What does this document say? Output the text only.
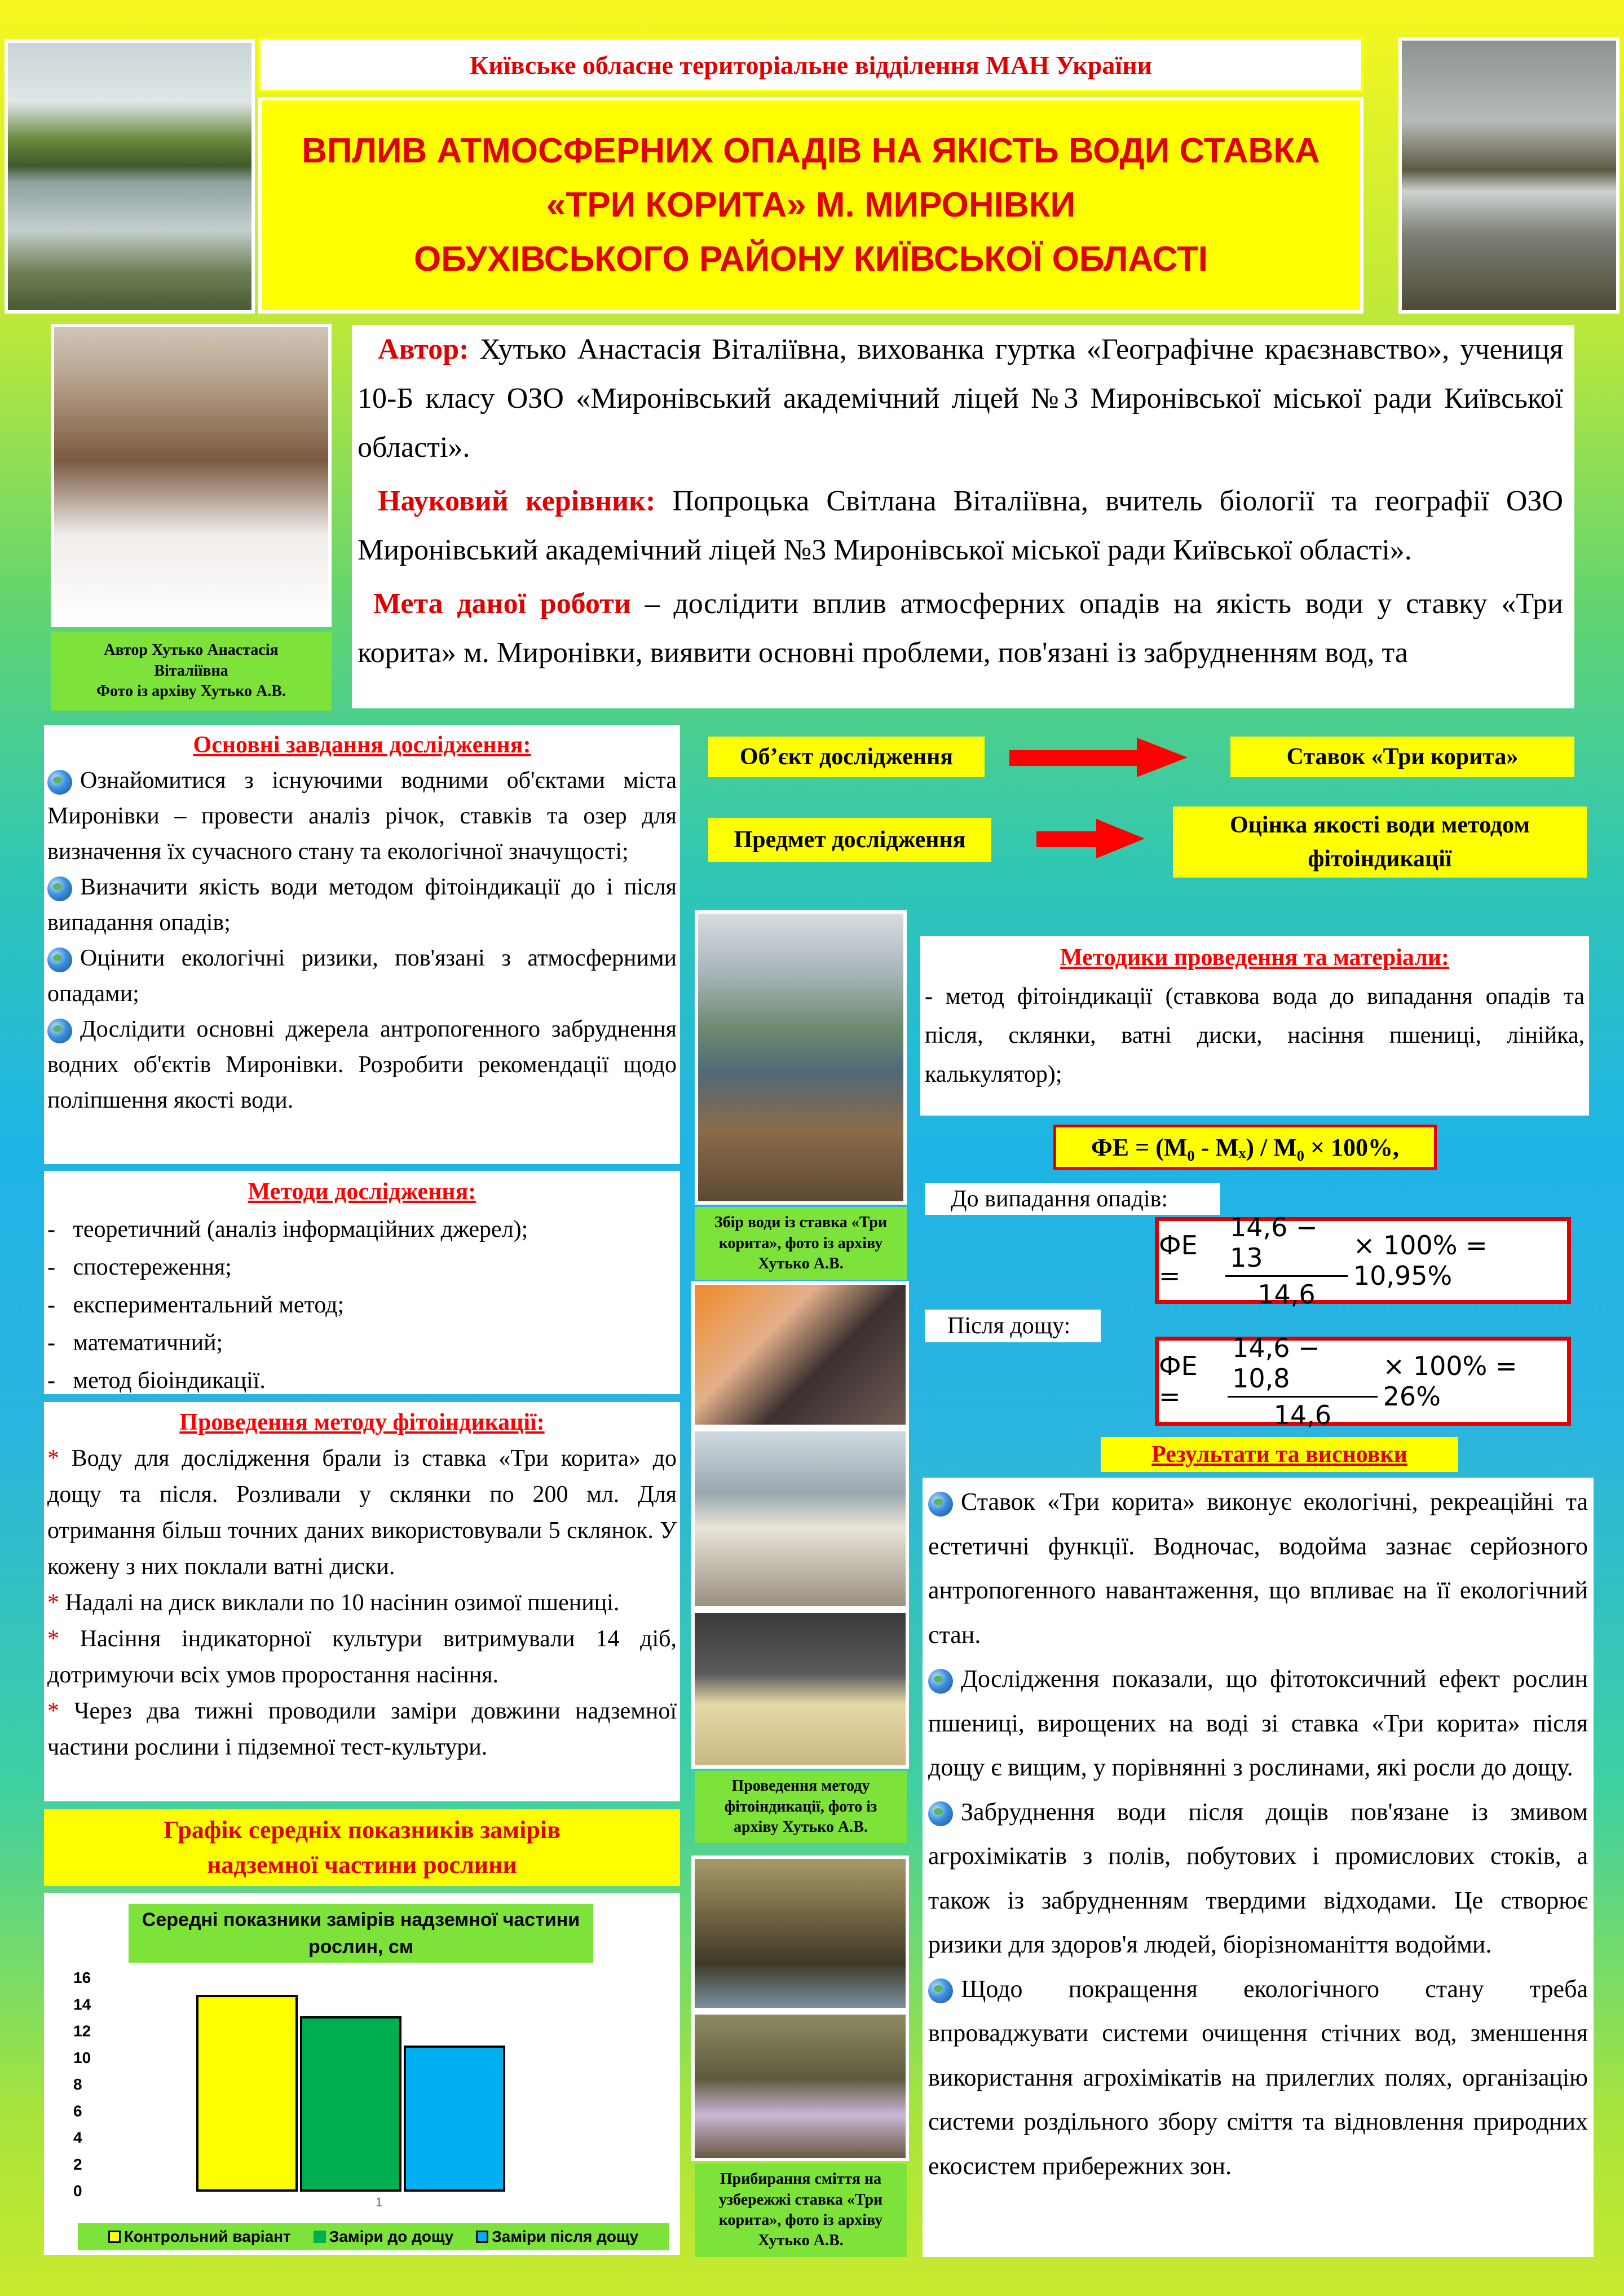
Київське обласне територіальне відділення МАН України
ВПЛИВ АТМОСФЕРНИХ ОПАДІВ НА ЯКІСТЬ ВОДИ СТАВКА
«ТРИ КОРИТА» М. МИРОНІВКИ
ОБУХІВСЬКОГО РАЙОНУ КИЇВСЬКОЇ ОБЛАСТІ
Автор Хутько Анастасія
Віталіївна
Фото із архіву Хутько А.В.

Автор: Хутько Анастасія Віталіївна, вихованка гуртка «Географічне краєзнавство», учениця 10-Б класу ОЗО «Миронівський академічний ліцей №3 Миронівської міської ради Київської області».

Науковий керівник: Попроцька Світлана Віталіївна, вчитель біології та географії ОЗО Миронівський академічний ліцей №3 Миронівської міської ради Київської області».

Мета даної роботи – дослідити вплив атмосферних опадів на якість води у ставку «Три корита» м. Миронівки, виявити основні проблеми, пов'язані із забрудненням вод, та

Основні завдання дослідження:

Ознайомитися з існуючими водними об'єктами міста Миронівки – провести аналіз річок, ставків та озер для визначення їх сучасного стану та екологічної значущості;

Визначити якість води методом фітоіндикації до і після випадання опадів;

Оцінити екологічні ризики, пов'язані з атмосферними опадами;

Дослідити основні джерела антропогенного забруднення водних об'єктів Миронівки. Розробити рекомендації щодо поліпшення якості води.

Методи дослідження:
-   теоретичний (аналіз інформаційних джерел);
-   спостереження;
-   експериментальний метод;
-   математичний;
-   метод біоіндикації.
Проведення методу фітоіндикації:

* Воду для дослідження брали із ставка «Три корита» до дощу та після. Розливали у склянки по 200 мл. Для отримання більш точних даних використовували 5 склянок. У кожену з них поклали ватні диски.

* Надалі на диск виклали по 10 насінин озимої пшениці.

* Насіння індикаторної культури витримували 14 діб, дотримуючи всіх умов проростання насіння.

* Через два тижні проводили заміри довжини надземної частини рослини і підземної тест-культури.

Графік середніх показників замірів
надземної частини рослини
Середні показники замірів надземної частини рослин, см
0
2
4
6
8
10
12
14
16
1
Контрольний варіант Заміри до дощу Заміри після дощу
Об’єкт дослідження	Ставок «Три корита»
Предмет дослідження
Оцінка якості води методом
фітоіндикації
Збір води із ставка «Три
корита», фото із архіву
Хутько А.В.
Проведення методу
фітоіндикації, фото із
архіву Хутько А.В.
Прибирання сміття на
узбережжі ставка «Три
корита», фото із архіву
Хутько А.В.
Методики проведення та матеріали:

- метод фітоіндикації (ставкова вода до випадання опадів та після, склянки, ватні диски, насіння пшениці, лінійка, калькулятор);

ФЕ = (M₀ - Mₓ) / M₀ × 100%,
До випадання опадів:
ФЕ =	$\frac{14,6 - 13}{14,6} \times 100\% = 10,95\%$
Після дощу:
ФЕ =	$\frac{14,6 - 10,8}{14,6} \times 100\% = 26\%$
Результати та висновки

Ставок «Три корита» виконує екологічні, рекреаційні та естетичні функції. Водночас, водойма зазнає серйозного антропогенного навантаження, що впливає на її екологічний стан.

Дослідження показали, що фітотоксичний ефект рослин пшениці, вирощених на воді зі ставка «Три корита» після дощу є вищим, у порівнянні з рослинами, які росли до дощу.

Забруднення води після дощів пов'язане із змивом агрохімікатів з полів, побутових і промислових стоків, а також із забрудненням твердими відходами. Це створює ризики для здоров'я людей, біорізноманіття водойми.

Щодо покращення екологічного стану треба впроваджувати системи очищення стічних вод, зменшення використання агрохімікатів на прилеглих полях, організацію системи роздільного збору сміття та відновлення природних екосистем прибережних зон.
